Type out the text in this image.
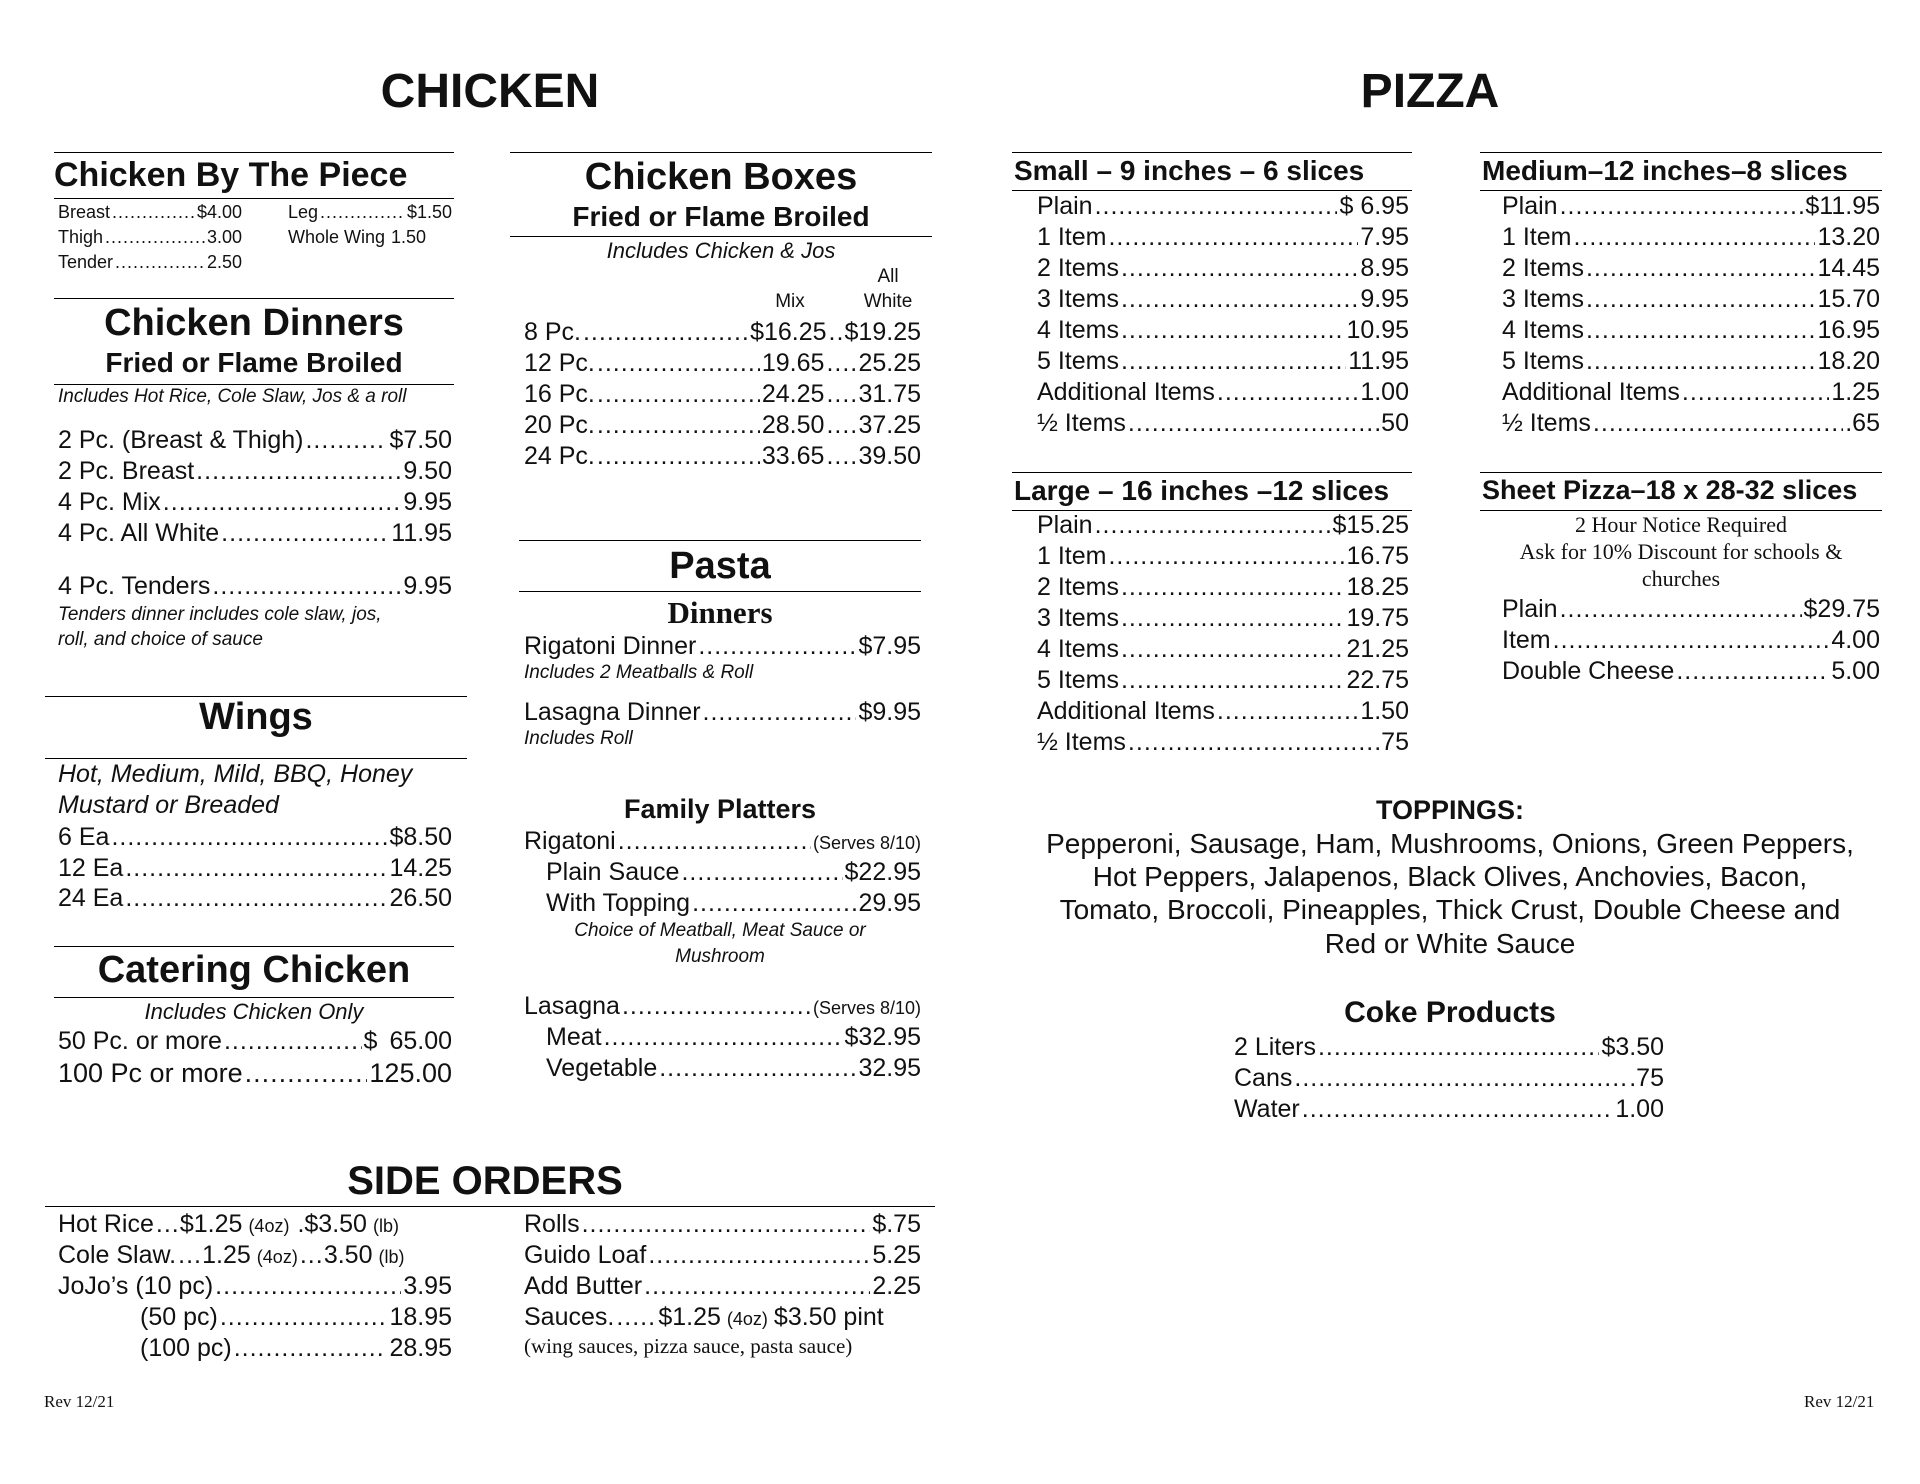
CHICKEN	PIZZA
Chicken By The Piece
Breast .....	$4.00
Thigh .....	3.00
Tender .....	2.50
Leg .....	$1.50
Whole Wing 1.50
Chicken Dinners
Fried or Flame Broiled
Includes Hot Rice, Cole Slaw, Jos & a roll
2 Pc. (Breast & Thigh) .....	$7.50
2 Pc. Breast .....	9.50
4 Pc. Mix .....	9.95
4 Pc. All White .....	11.95
4 Pc. Tenders .....	9.95
Tenders dinner includes cole slaw, jos,
roll, and choice of sauce
Wings
Hot, Medium, Mild, BBQ, Honey
Mustard or Breaded
6 Ea .....	$8.50
12 Ea .....	14.25
24 Ea .....	26.50
Catering Chicken
Includes Chicken Only
50 Pc. or more .....	$ 65.00
100 Pc or more .....	125.00
Chicken Boxes
Fried or Flame Broiled
Includes Chicken & Jos
All
Mix	White
8 Pc. .....	$16.25 ..... $19.25
12 Pc. .....	19.65 ..... 25.25
16 Pc. .....	24.25 ..... 31.75
20 Pc. .....	28.50 ..... 37.25
24 Pc. .....	33.65 ..... 39.50
Pasta
Dinners
Rigatoni Dinner .....	$7.95
Includes 2 Meatballs & Roll
Lasagna Dinner .....	$9.95
Includes Roll
Family Platters
Rigatoni .....	(Serves 8/10)
Plain Sauce .....	$22.95
With Topping .....	29.95
Choice of Meatball, Meat Sauce or
Mushroom
Lasagna .....	(Serves 8/10)
Meat .....	$32.95
Vegetable .....	32.95
Small – 9 inches – 6 slices
Plain .....	$ 6.95
1 Item .....	7.95
2 Items .....	8.95
3 Items .....	9.95
4 Items .....	10.95
5 Items .....	11.95
Additional Items .....	1.00
½ Items .....	.50
Medium–12 inches–8 slices
Plain .....	$11.95
1 Item .....	13.20
2 Items .....	14.45
3 Items .....	15.70
4 Items .....	16.95
5 Items .....	18.20
Additional Items .....	1.25
½ Items .....	.65
Large – 16 inches –12 slices
Plain .....	$15.25
1 Item .....	16.75
2 Items .....	18.25
3 Items .....	19.75
4 Items .....	21.25
5 Items .....	22.75
Additional Items .....	1.50
½ Items .....	.75
Sheet Pizza–18 x 28-32 slices
2 Hour Notice Required
Ask for 10% Discount for schools &
churches
Plain .....	$29.75
Item .....	4.00
Double Cheese .....	5.00
TOPPINGS:
Pepperoni, Sausage, Ham, Mushrooms, Onions, Green Peppers,
Hot Peppers, Jalapenos, Black Olives, Anchovies, Bacon,
Tomato, Broccoli, Pineapples, Thick Crust, Double Cheese and
Red or White Sauce
Coke Products
2 Liters .....	$3.50
Cans .....	.75
Water .....	1.00
SIDE ORDERS
Hot Rice ..... $1.25 (4oz) .$3.50 (lb)
Cole Slaw. ..... 1.25 (4oz) ..... 3.50 (lb)
JoJo’s (10 pc) .....	3.95
(50 pc) .....	18.95
(100 pc) .....	28.95
Rolls .....	$.75
Guido Loaf .....	5.25
Add Butter .....	2.25
Sauces. ..... $1.25 (4oz) $3.50 pint
(wing sauces, pizza sauce, pasta sauce)
Rev 12/21	Rev 12/21
